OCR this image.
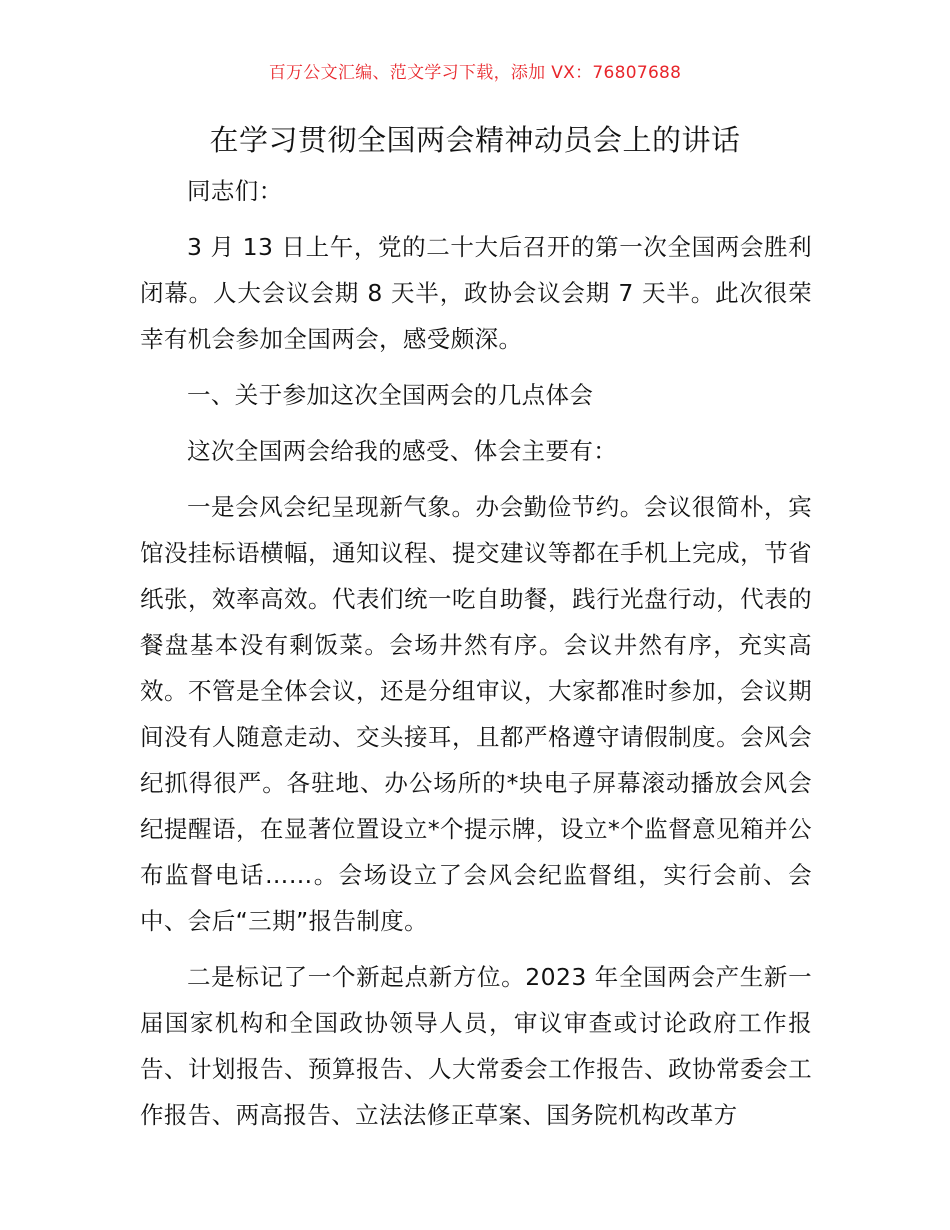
百万公文汇编、范文学习下载，添加 VX：76807688
在学习贯彻全国两会精神动员会上的讲话

同志们：

3 月 13 日上午，党的二十大后召开的第一次全国两会胜利闭幕。人大会议会期 8 天半，政协会议会期 7 天半。此次很荣幸有机会参加全国两会，感受颇深。

一、关于参加这次全国两会的几点体会

这次全国两会给我的感受、体会主要有：

一是会风会纪呈现新气象。办会勤俭节约。会议很简朴，宾馆没挂标语横幅，通知议程、提交建议等都在手机上完成，节省纸张，效率高效。代表们统一吃自助餐，践行光盘行动，代表的餐盘基本没有剩饭菜。会场井然有序。会议井然有序，充实高效。不管是全体会议，还是分组审议，大家都准时参加，会议期间没有人随意走动、交头接耳，且都严格遵守请假制度。会风会纪抓得很严。各驻地、办公场所的*块电子屏幕滚动播放会风会纪提醒语，在显著位置设立*个提示牌，设立*个监督意见箱并公布监督电话……。会场设立了会风会纪监督组，实行会前、会中、会后“三期”报告制度。

二是标记了一个新起点新方位。2023 年全国两会产生新一届国家机构和全国政协领导人员，审议审查或讨论政府工作报告、计划报告、预算报告、人大常委会工作报告、政协常委会工作报告、两高报告、立法法修正草案、国务院机构改革方
